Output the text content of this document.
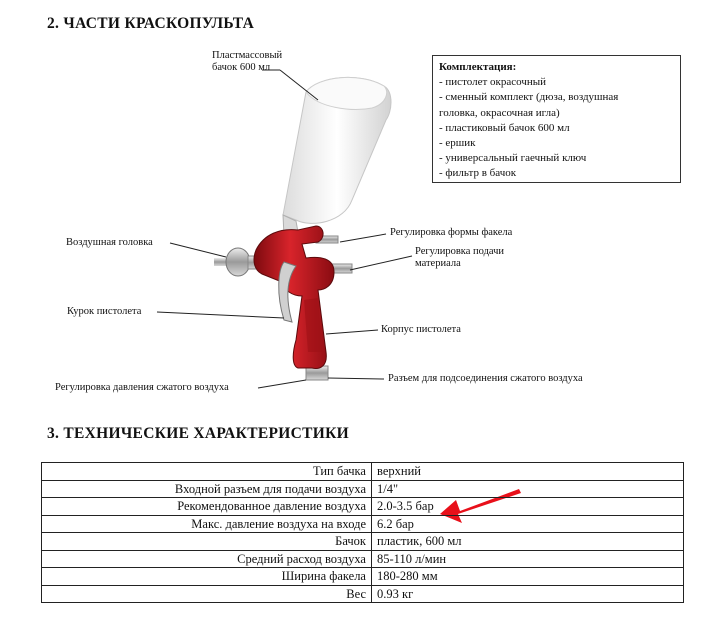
2. ЧАСТИ КРАСКОПУЛЬТА
Пластмассовый
бачок 600 мл
Воздушная головка
Курок пистолета
Регулировка давления сжатого воздуха
Регулировка формы факела
Регулировка подачи
материала
Корпус пистолета
Разъем для подсоединения сжатого воздуха
Комплектация:
- пистолет окрасочный
- сменный комплект (дюза, воздушная
головка, окрасочная игла)
- пластиковый бачок 600 мл
- ершик
- универсальный гаечный ключ
- фильтр в бачок
3. ТЕХНИЧЕСКИЕ ХАРАКТЕРИСТИКИ
Тип бачка	верхний
Входной разъем для подачи воздуха	1/4"
Рекомендованное давление воздуха	2.0-3.5 бар
Макс. давление воздуха на входе	6.2 бар
Бачок	пластик, 600 мл
Средний расход воздуха	85-110 л/мин
Ширина факела	180-280 мм
Вес	0.93 кг
